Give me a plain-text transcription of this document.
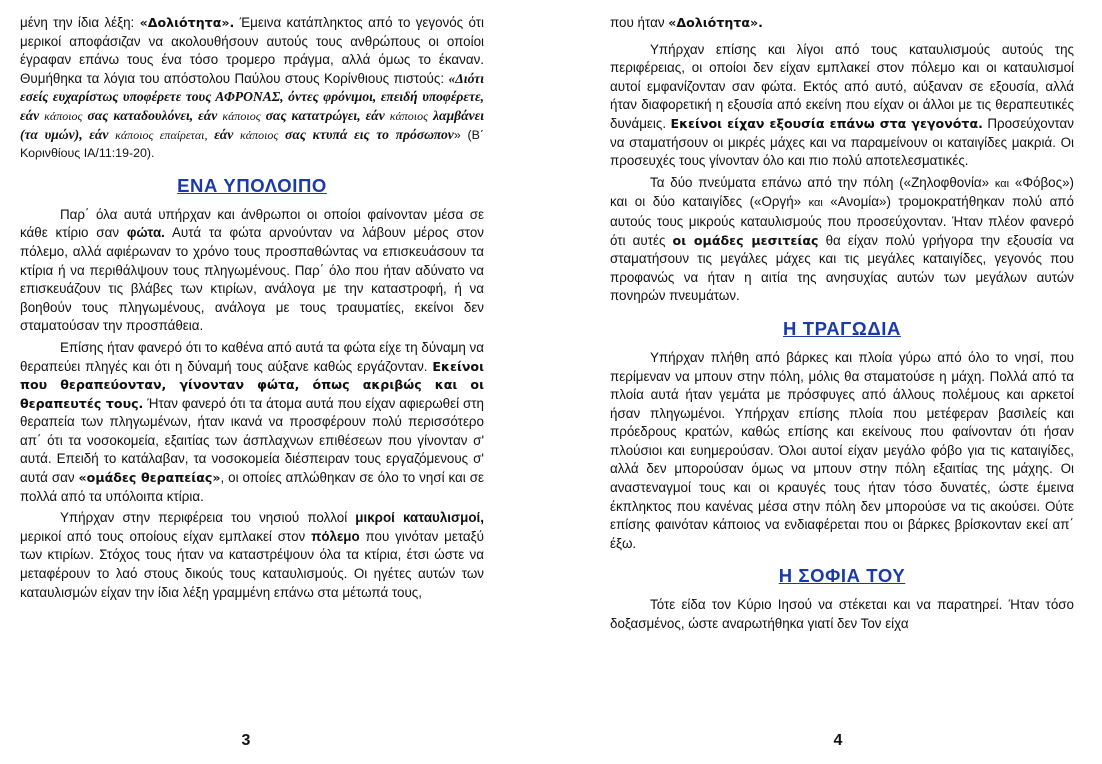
μένη την ίδια λέξη: «Δολιότητα». Έμεινα κατάπληκτος από το γεγονός ότι μερικοί αποφάσιζαν να ακολουθήσουν αυτούς τους ανθρώπους οι οποίοι έγραφαν επάνω τους ένα τόσο τρομερο πράγμα, αλλά όμως το έκαναν. Θυμήθηκα τα λόγια του απόστολου Παύλου στους Κορίνθιους πιστούς: «Διότι εσείς ευχαρίστως υποφέρετε τους ΑΦΡΟΝΑΣ, όντες φρόνιμοι, επειδή υποφέρετε, εάν κάποιος σας καταδουλόνει, εάν κάποιος σας κατατρώγει, εάν κάποιος λαμβάνει (τα υμών), εάν κάποιος επαίρεται, εάν κάποιος σας κτυπά εις το πρόσωπον» (Β΄ Κορινθίους ΙΑ/11:19-20).

ΕΝΑ ΥΠΟΛΟΙΠΟ

Παρ΄ όλα αυτά υπήρχαν και άνθρωποι οι οποίοι φαίνονταν μέσα σε κάθε κτίριο σαν φώτα. Αυτά τα φώτα αρνούνταν να λάβουν μέρος στον πόλεμο, αλλά αφιέρωναν το χρόνο τους προσπαθώντας να επισκευάσουν τα κτίρια ή να περιθάλψουν τους πληγωμένους. Παρ΄ όλο που ήταν αδύνατο να επισκευάζουν τις βλάβες των κτιρίων, ανάλογα με την καταστροφή, ή να βοηθούν τους πληγωμένους, ανάλογα με τους τραυματίες, εκείνοι δεν σταματούσαν την προσπάθεια.

Επίσης ήταν φανερό ότι το καθένα από αυτά τα φώτα είχε τη δύναμη να θεραπεύει πληγές και ότι η δύναμή τους αύξανε καθώς εργάζονταν. Εκείνοι που θεραπεύονταν, γίνονταν φώτα, όπως ακριβώς και οι θεραπευτές τους. Ήταν φανερό ότι τα άτομα αυτά που είχαν αφιερωθεί στη θεραπεία των πληγωμένων, ήταν ικανά να προσφέρουν πολύ περισσότερο απ΄ ότι τα νοσοκομεία, εξαιτίας των άσπλαχνων επιθέσεων που γίνονταν σ' αυτά. Επειδή το κατάλαβαν, τα νοσοκομεία διέσπειραν τους εργαζόμενους σ' αυτά σαν «ομάδες θεραπείας», οι οποίες απλώθηκαν σε όλο το νησί και σε πολλά από τα υπόλοιπα κτίρια.

Υπήρχαν στην περιφέρεια του νησιού πολλοί μικροί καταυλισμοί, μερικοί από τους οποίους είχαν εμπλακεί στον πόλεμο που γινόταν μεταξύ των κτιρίων. Στόχος τους ήταν να καταστρέψουν όλα τα κτίρια, έτσι ώστε να μεταφέρουν το λαό στους δικούς τους καταυλισμούς. Οι ηγέτες αυτών των καταυλισμών είχαν την ίδια λέξη γραμμένη επάνω στα μέτωπά τους,

3

που ήταν «Δολιότητα».

Υπήρχαν επίσης και λίγοι από τους καταυλισμούς αυτούς της περιφέρειας, οι οποίοι δεν είχαν εμπλακεί στον πόλεμο και οι καταυλισμοί αυτοί εμφανίζονταν σαν φώτα. Εκτός από αυτό, αύξαναν σε εξουσία, αλλά ήταν διαφορετική η εξουσία από εκείνη που είχαν οι άλλοι με τις θεραπευτικές δυνάμεις. Εκείνοι είχαν εξουσία επάνω στα γεγονότα. Προσεύχονταν να σταματήσουν οι μικρές μάχες και να παραμείνουν οι καταιγίδες μακριά. Οι προσευχές τους γίνονταν όλο και πιο πολύ αποτελεσματικές.

Τα δύο πνεύματα επάνω από την πόλη («Ζηλοφθονία» και «Φόβος») και οι δύο καταιγίδες («Οργή» και «Ανομία») τρομοκρατήθηκαν πολύ από αυτούς τους μικρούς καταυλισμούς που προσεύχονταν. Ήταν πλέον φανερό ότι αυτές οι ομάδες μεσιτείας θα είχαν πολύ γρήγορα την εξουσία να σταματήσουν τις μεγάλες μάχες και τις μεγάλες καταιγίδες, γεγονός που προφανώς να ήταν η αιτία της ανησυχίας αυτών των μεγάλων αυτών πονηρών πνευμάτων.

Η ΤΡΑΓΩΔΙΑ

Υπήρχαν πλήθη από βάρκες και πλοία γύρω από όλο το νησί, που περίμεναν να μπουν στην πόλη, μόλις θα σταματούσε η μάχη. Πολλά από τα πλοία αυτά ήταν γεμάτα με πρόσφυγες από άλλους πολέμους και αρκετοί ήσαν πληγωμένοι. Υπήρχαν επίσης πλοία που μετέφεραν βασιλείς και πρόεδρους κρατών, καθώς επίσης και εκείνους που φαίνονταν ότι ήσαν πλούσιοι και ευημερούσαν. Όλοι αυτοί είχαν μεγάλο φόβο για τις καταιγίδες, αλλά δεν μπορούσαν όμως να μπουν στην πόλη εξαιτίας της μάχης. Οι αναστεναγμοί τους και οι κραυγές τους ήταν τόσο δυνατές, ώστε έμεινα έκπληκτος που κανένας μέσα στην πόλη δεν μπορούσε να τις ακούσει. Ούτε επίσης φαινόταν κάποιος να ενδιαφέρεται που οι βάρκες βρίσκονταν εκεί απ΄ έξω.

Η ΣΟΦΙΑ ΤΟΥ

Τότε είδα τον Κύριο Ιησού να στέκεται και να παρατηρεί. Ήταν τόσο δοξασμένος, ώστε αναρωτήθηκα γιατί δεν Τον είχα

4
